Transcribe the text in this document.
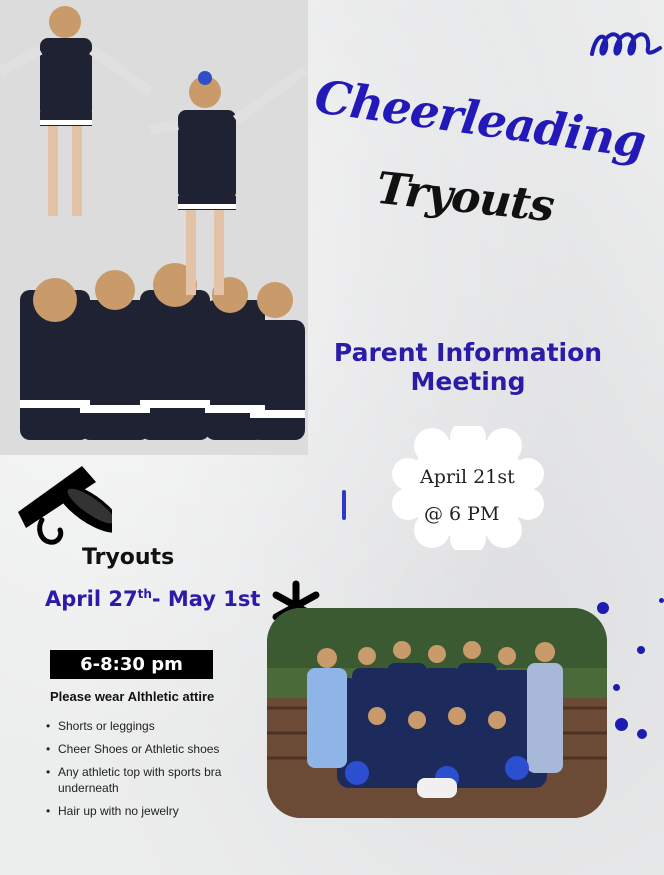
Cheerleading
Tryouts
Parent Information Meeting
April 21st
@ 6 PM
Tryouts
April 27th- May 1st
6-8:30 pm
Please wear Althletic attire
• Shorts or leggings
• Cheer Shoes or Athletic shoes
• Any athletic top with sports bra underneath
• Hair up with no jewelry
